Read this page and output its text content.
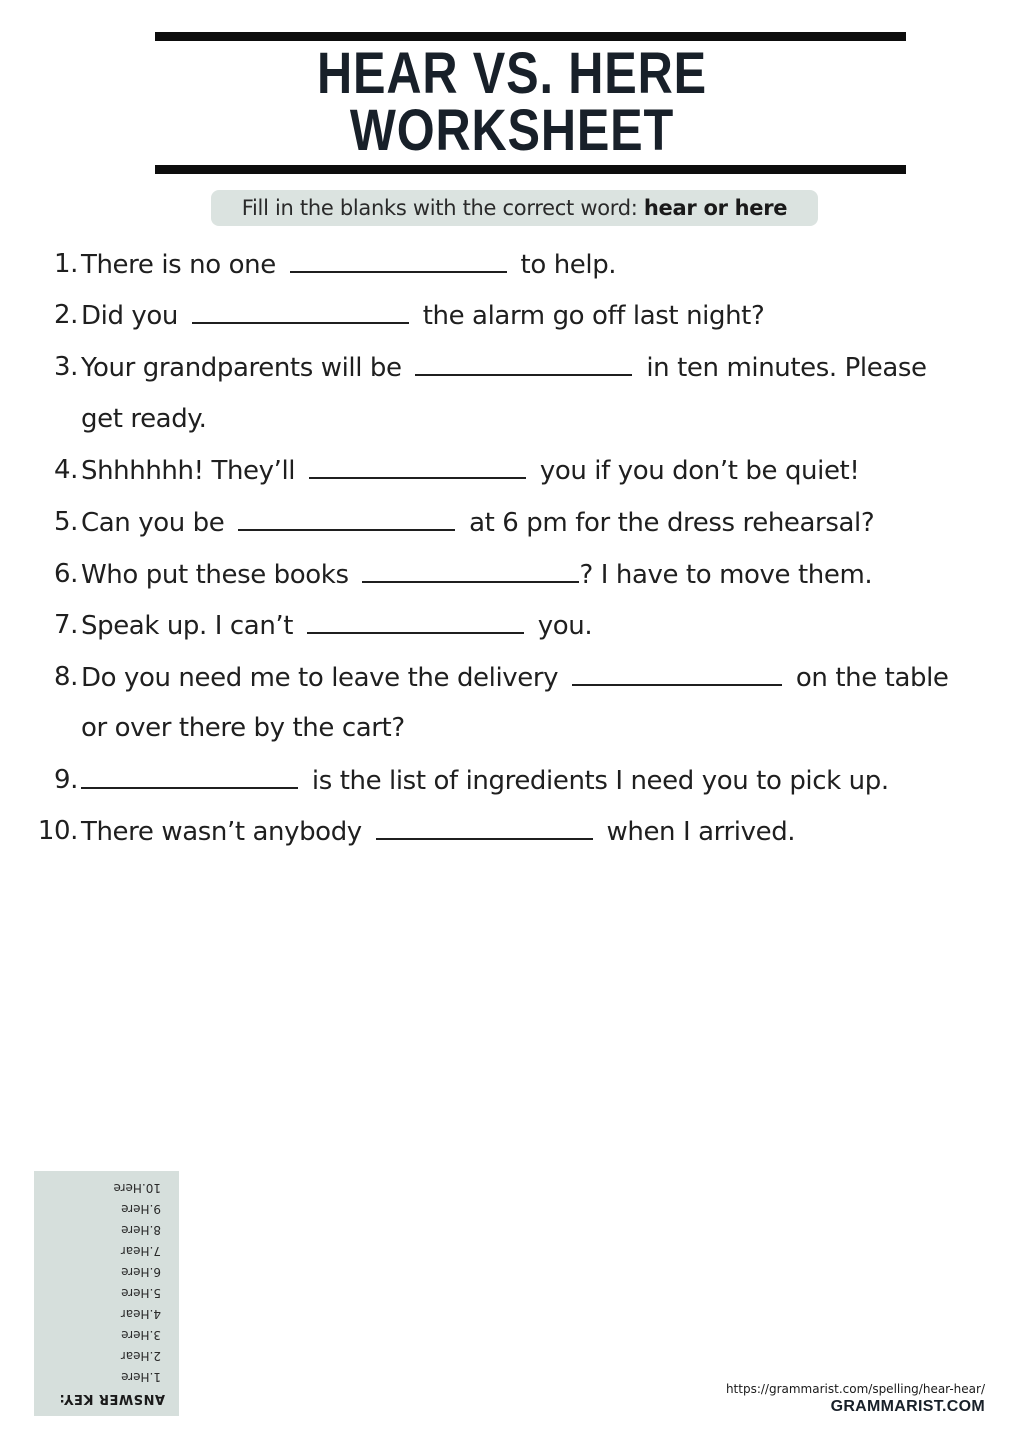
HEAR VS. HERE
WORKSHEET
Fill in the blanks with the correct word: hear or here
1. There is no one	to help.
2. Did you	the alarm go off last night?
3. Your grandparents will be	in ten minutes. Please
get ready.
4. Shhhhhh! They’ll	you if you don’t be quiet!
5. Can you be	at 6 pm for the dress rehearsal?
6. Who put these books	? I have to move them.
7. Speak up. I can’t	you.
8. Do you need me to leave the delivery	on the table
or over there by the cart?
9.	is the list of ingredients I need you to pick up.
10. There wasn’t anybody	when I arrived.
ANSWER KEY:
1.Here
2.Hear
3.Here
4.Hear
5.Here
6.Here
7.Hear
8.Here
9.Here
10.Here
https://grammarist.com/spelling/hear-hear/
GRAMMARIST.COM
